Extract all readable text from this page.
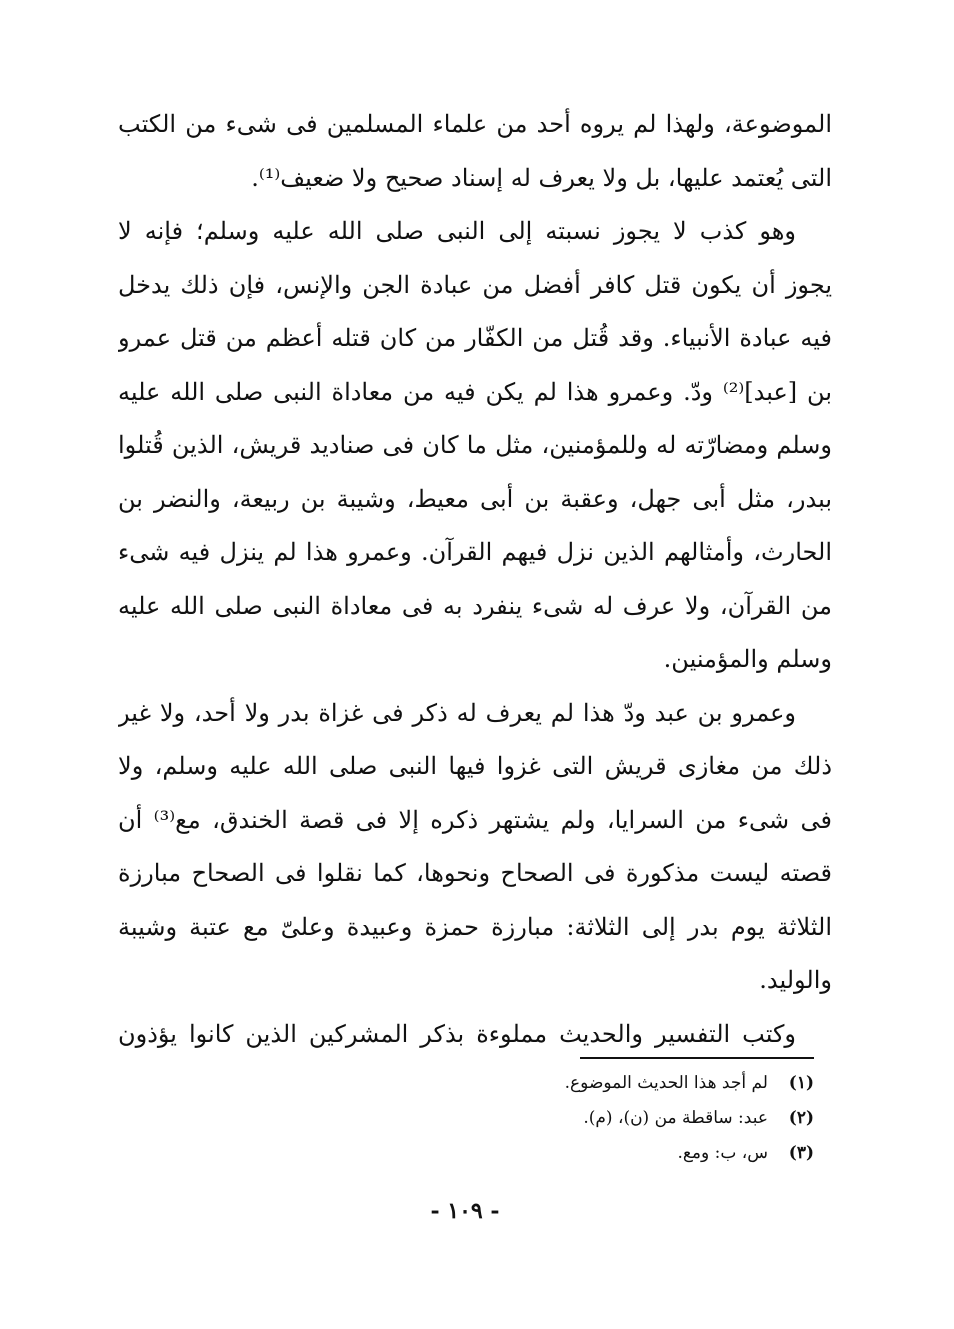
الموضوعة، ولهذا لم يروه أحد من علماء المسلمين فى شىء من الكتب
التى يُعتمد عليها، بل ولا يعرف له إسناد صحيح ولا ضعيف⁽¹⁾.
وهو كذب لا يجوز نسبته إلى النبى صلى الله عليه وسلم؛ فإنه لا
يجوز أن يكون قتل كافر أفضل من عبادة الجن والإنس، فإن ذلك يدخل
فيه عبادة الأنبياء. وقد قُتل من الكفّار من كان قتله أعظم من قتل عمرو
بن [عبد]⁽²⁾ ودّ. وعمرو هذا لم يكن فيه من معاداة النبى صلى الله عليه
وسلم ومضارّته له وللمؤمنين، مثل ما كان فى صناديد قريش، الذين قُتلوا
ببدر، مثل أبى جهل، وعقبة بن أبى معيط، وشيبة بن ربيعة، والنضر بن
الحارث، وأمثالهم الذين نزل فيهم القرآن. وعمرو هذا لم ينزل فيه شىء
من القرآن، ولا عرف له شىء ينفرد به فى معاداة النبى صلى الله عليه
وسلم والمؤمنين.
وعمرو بن عبد ودّ هذا لم يعرف له ذكر فى غزاة بدر ولا أحد، ولا غير
ذلك من مغازى قريش التى غزوا فيها النبى صلى الله عليه وسلم، ولا
فى شىء من السرايا، ولم يشتهر ذكره إلا فى قصة الخندق، مع⁽³⁾ أن
قصته ليست مذكورة فى الصحاح ونحوها، كما نقلوا فى الصحاح مبارزة
الثلاثة يوم بدر إلى الثلاثة: مبارزة حمزة وعبيدة وعلىّ مع عتبة وشيبة
والوليد.
وكتب التفسير والحديث مملوءة بذكر المشركين الذين كانوا يؤذون
(١)
لم أجد هذا الحديث الموضوع.
(٢)
عبد: ساقطة من (ن)، (م).
(٣)
س، ب: ومع.
- ١٠٩ -
